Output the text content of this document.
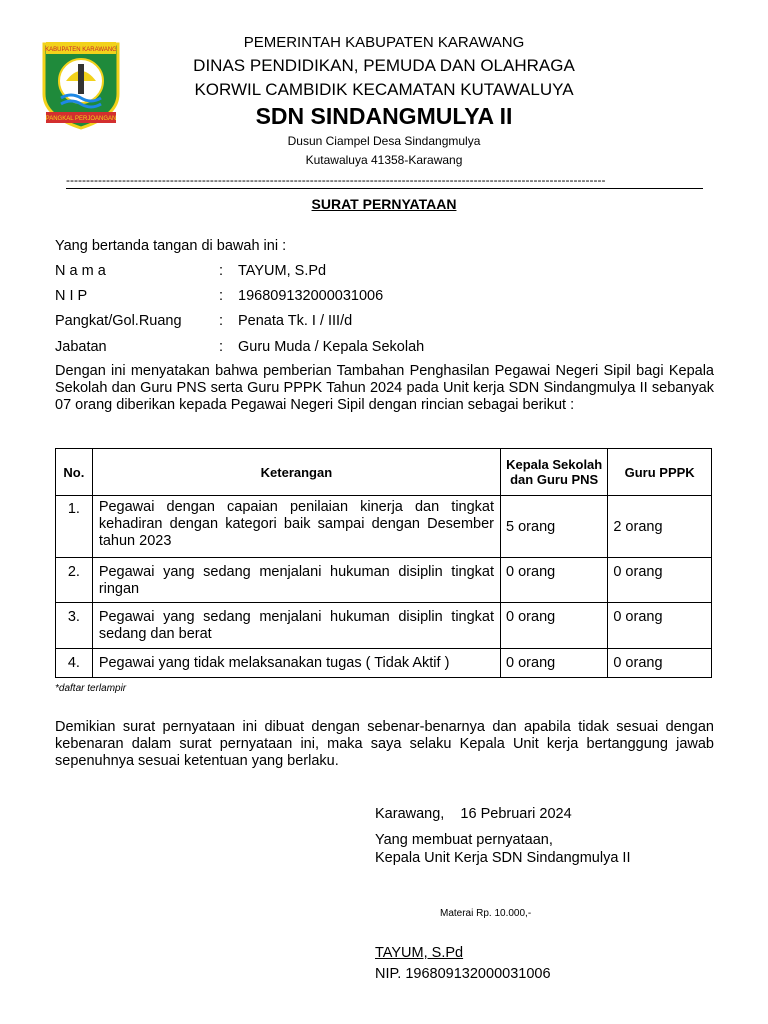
KABUPATEN KARAWANG
PANGKAL PERJOANGAN
PEMERINTAH KABUPATEN KARAWANG
DINAS PENDIDIKAN, PEMUDA DAN OLAHRAGA
KORWIL CAMBIDIK KECAMATAN KUTAWALUYA
SDN SINDANGMULYA II
Dusun Ciampel Desa Sindangmulya
Kutawaluya 41358-Karawang
---------------------------------------------------------------------------------------------------------------------------------------
SURAT PERNYATAAN
Yang bertanda tangan di bawah ini :
N a m a	: TAYUM, S.Pd
N I P	: 196809132000031006
Pangkat/Gol.Ruang	: Penata Tk. I / III/d
Jabatan	: Guru Muda / Kepala Sekolah
Dengan ini menyatakan bahwa pemberian Tambahan Penghasilan Pegawai Negeri Sipil bagi Kepala Sekolah dan Guru PNS serta Guru PPPK Tahun 2024 pada Unit kerja SDN Sindangmulya II sebanyak 07 orang diberikan kepada Pegawai Negeri Sipil dengan rincian sebagai berikut :
No.	Keterangan	Kepala Sekolah dan Guru PNS	Guru PPPK
1.	Pegawai dengan capaian penilaian kinerja dan tingkat kehadiran dengan kategori baik sampai dengan Desember tahun 2023	5 orang	2 orang
2.	Pegawai yang sedang menjalani hukuman disiplin tingkat ringan	0 orang	0 orang
3.	Pegawai yang sedang menjalani hukuman disiplin tingkat sedang dan berat	0 orang	0 orang
4.	Pegawai yang tidak melaksanakan tugas ( Tidak Aktif )	0 orang	0 orang
*daftar terlampir
Demikian surat pernyataan ini dibuat dengan sebenar-benarnya dan apabila tidak sesuai dengan kebenaran dalam surat pernyataan ini, maka saya selaku Kepala Unit kerja bertanggung jawab sepenuhnya sesuai ketentuan yang berlaku.
Karawang,    16 Pebruari 2024
Yang membuat pernyataan,
Kepala Unit Kerja SDN Sindangmulya II
Materai Rp. 10.000,-
TAYUM, S.Pd
NIP. 196809132000031006
